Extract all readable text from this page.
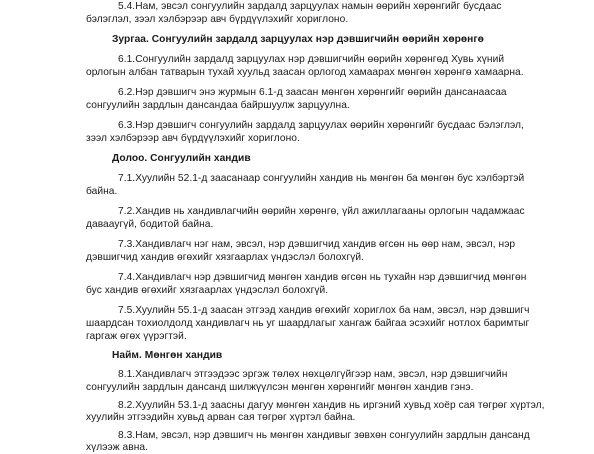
5.4.Нам, эвсэл сонгуулийн зардалд зарцуулах намын өөрийн хөрөнгийг бусдаас
бэлэглэл, зээл хэлбэрээр авч бүрдүүлэхийг хориглоно.
Зургаа. Сонгуулийн зардалд зарцуулах нэр дэвшигчийн өөрийн хөрөнгө
6.1.Сонгуулийн зардалд зарцуулах нэр дэвшигчийн өөрийн хөрөнгөд Хувь хүний
орлогын албан татварын тухай хуульд заасан орлогод хамаарах мөнгөн хөрөнгө хамаарна.
6.2.Нэр дэвшигч энэ журмын 6.1-д заасан мөнгөн хөрөнгийг өөрийн дансанаасаа
сонгуулийн зардлын дансандаа байршуулж зарцуулна.
6.3.Нэр дэвшигч сонгуулийн зардалд зарцуулах өөрийн хөрөнгийг бусдаас бэлэглэл,
зээл хэлбэрээр авч бүрдүүлэхийг хориглоно.
Долоо. Сонгуулийн хандив
7.1.Хуулийн 52.1-д заасанаар сонгуулийн хандив нь мөнгөн ба мөнгөн бус хэлбэртэй
байна.
7.2.Хандив нь хандивлагчийн өөрийн хөрөнгө, үйл ажиллагааны орлогын чадамжаас
давааугүй, бодитой байна.
7.3.Хандивлагч нэг нам, эвсэл, нэр дэвшигчид хандив өгсөн нь өөр нам, эвсэл, нэр
дэвшигчид хандив өгөхийг хязгаарлах үндэслэл болохгүй.
7.4.Хандивлагч нэр дэвшигчид мөнгөн хандив өгсөн нь тухайн нэр дэвшигчид мөнгөн
бус хандив өгөхийг хязгаарлах үндэслэл болохгүй.
7.5.Хуулийн 55.1-д заасан этгээд хандив өгөхийг хориглох ба нам, эвсэл, нэр дэвшигч
шаардсан тохиолдолд хандивлагч нь уг шаардлагыг хангаж байгаа эсэхийг нотлох баримтыг
гаргаж өгөх үүрэгтэй.
Найм. Мөнгөн хандив
8.1.Хандивлагч этгээдээс эргэж төлөх нөхцөлгүйгээр нам, эвсэл, нэр дэвшигчийн
сонгуулийн зардлын дансанд шилжүүлсэн мөнгөн хөрөнгийг мөнгөн хандив гэнэ.
8.2.Хуулийн 53.1-д заасны дагуу мөнгөн хандив нь иргэний хувьд хоёр сая төгрөг хүртэл,
хуулийн этгээдийн хувьд арван сая төгрөг хүртэл байна.
8.3.Нам, эвсэл, нэр дэвшигч нь мөнгөн хандивыг зөвхөн сонгуулийн зардлын дансанд
хүлээж авна.
